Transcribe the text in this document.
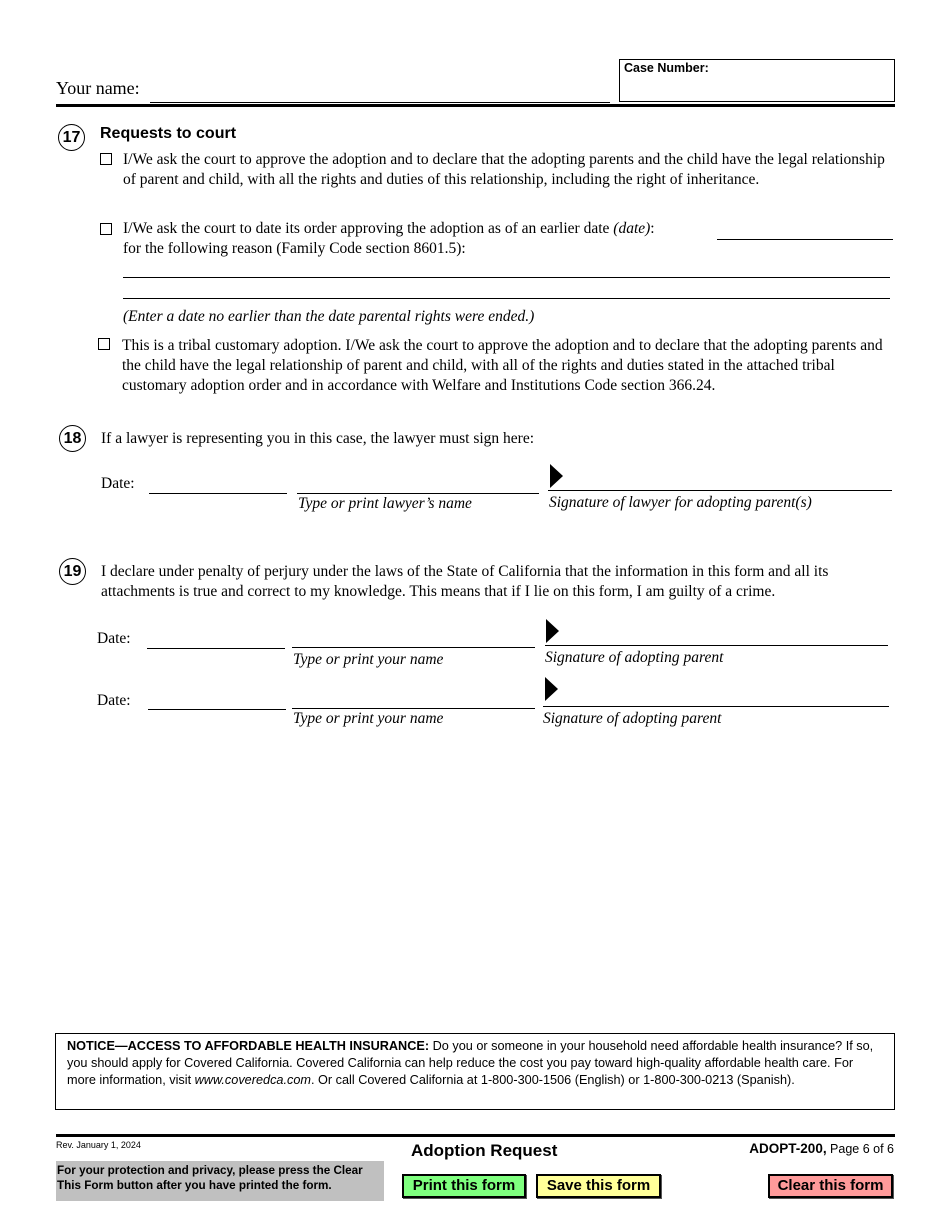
Your name:
Case Number:
17 Requests to court
I/We ask the court to approve the adoption and to declare that the adopting parents and the child have the legal relationship of parent and child, with all the rights and duties of this relationship, including the right of inheritance.
I/We ask the court to date its order approving the adoption as of an earlier date (date):
for the following reason (Family Code section 8601.5):
(Enter a date no earlier than the date parental rights were ended.)
This is a tribal customary adoption. I/We ask the court to approve the adoption and to declare that the adopting parents and the child have the legal relationship of parent and child, with all of the rights and duties stated in the attached tribal customary adoption order and in accordance with Welfare and Institutions Code section 366.24.
18 If a lawyer is representing you in this case, the lawyer must sign here:
Date:
Type or print lawyer’s name	Signature of lawyer for adopting parent(s)
19 I declare under penalty of perjury under the laws of the State of California that the information in this form and all its attachments is true and correct to my knowledge. This means that if I lie on this form, I am guilty of a crime.
Date:
Type or print your name	Signature of adopting parent
Date:
Type or print your name	Signature of adopting parent
NOTICE—ACCESS TO AFFORDABLE HEALTH INSURANCE: Do you or someone in your household need affordable health insurance? If so, you should apply for Covered California. Covered California can help reduce the cost you pay toward high-quality affordable health care. For more information, visit www.coveredca.com. Or call Covered California at 1-800-300-1506 (English) or 1-800-300-0213 (Spanish).
Rev. January 1, 2024	Adoption Request	ADOPT-200, Page 6 of 6
For your protection and privacy, please press the Clear This Form button after you have printed the form.	Print this form	Save this form	Clear this form
